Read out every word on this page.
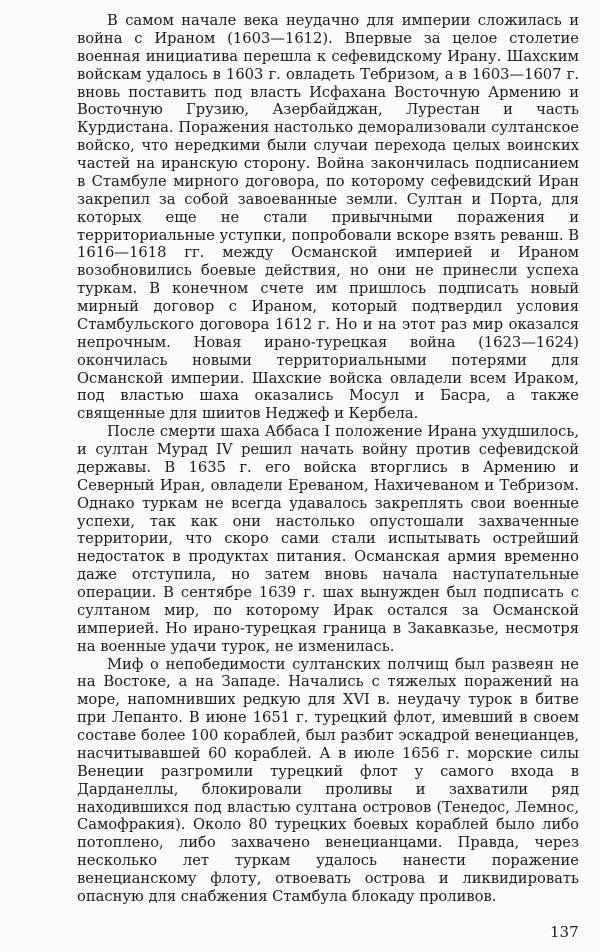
В самом начале века неудачно для империи сложилась и война с Ираном (1603—1612). Впервые за целое столетие военная инициатива перешла к сефевидскому Ирану. Шахским войскам удалось в 1603 г. овладеть Тебризом, а в 1603—1607 г. вновь поставить под власть Исфахана Восточную Армению и Восточную Грузию, Азербайджан, Лурестан и часть Курдистана. Поражения настолько деморализовали султанское войско, что нередкими были случаи перехода целых воинских частей на иранскую сторону. Война закончилась подписанием в Стамбуле мирного договора, по которому сефевидский Иран закрепил за собой завоеванные земли. Султан и Порта, для которых еще не стали привычными поражения и территориальные уступки, попробовали вскоре взять реванш. В 1616—1618 гг. между Османской империей и Ираном возобновились боевые действия, но они не принесли успеха туркам. В конечном счете им пришлось подписать новый мирный договор с Ираном, который подтвердил условия Стамбульского договора 1612 г. Но и на этот раз мир оказался непрочным. Новая ирано-турецкая война (1623—1624) окончилась новыми территориальными потерями для Османской империи. Шахские войска овладели всем Ираком, под властью шаха оказались Мосул и Басра, а также священные для шиитов Неджеф и Кербела.

После смерти шаха Аббаса I положение Ирана ухудшилось, и султан Мурад IV решил начать войну против сефевидской державы. В 1635 г. его войска вторглись в Армению и Северный Иран, овладели Ереваном, Нахичеваном и Тебризом. Однако туркам не всегда удавалось закреплять свои военные успехи, так как они настолько опустошали захваченные территории, что скоро сами стали испытывать острейший недостаток в продуктах питания. Османская армия временно даже отступила, но затем вновь начала наступательные операции. В сентябре 1639 г. шах вынужден был подписать с султаном мир, по которому Ирак остался за Османской империей. Но ирано-турецкая граница в Закавказье, несмотря на военные удачи турок, не изменилась.

Миф о непобедимости султанских полчищ был развеян не на Востоке, а на Западе. Начались с тяжелых поражений на море, напомнивших редкую для XVI в. неудачу турок в битве при Лепанто. В июне 1651 г. турецкий флот, имевший в своем составе более 100 кораблей, был разбит эскадрой венецианцев, насчитывавшей 60 кораблей. А в июле 1656 г. морские силы Венеции разгромили турецкий флот у самого входа в Дарданеллы, блокировали проливы и захватили ряд находившихся под властью султана островов (Тенедос, Лемнос, Самофракия). Около 80 турецких боевых кораблей было либо потоплено, либо захвачено венецианцами. Правда, через несколько лет туркам удалось нанести поражение венецианскому флоту, отвоевать острова и ликвидировать опасную для снабжения Стамбула блокаду проливов.

137
